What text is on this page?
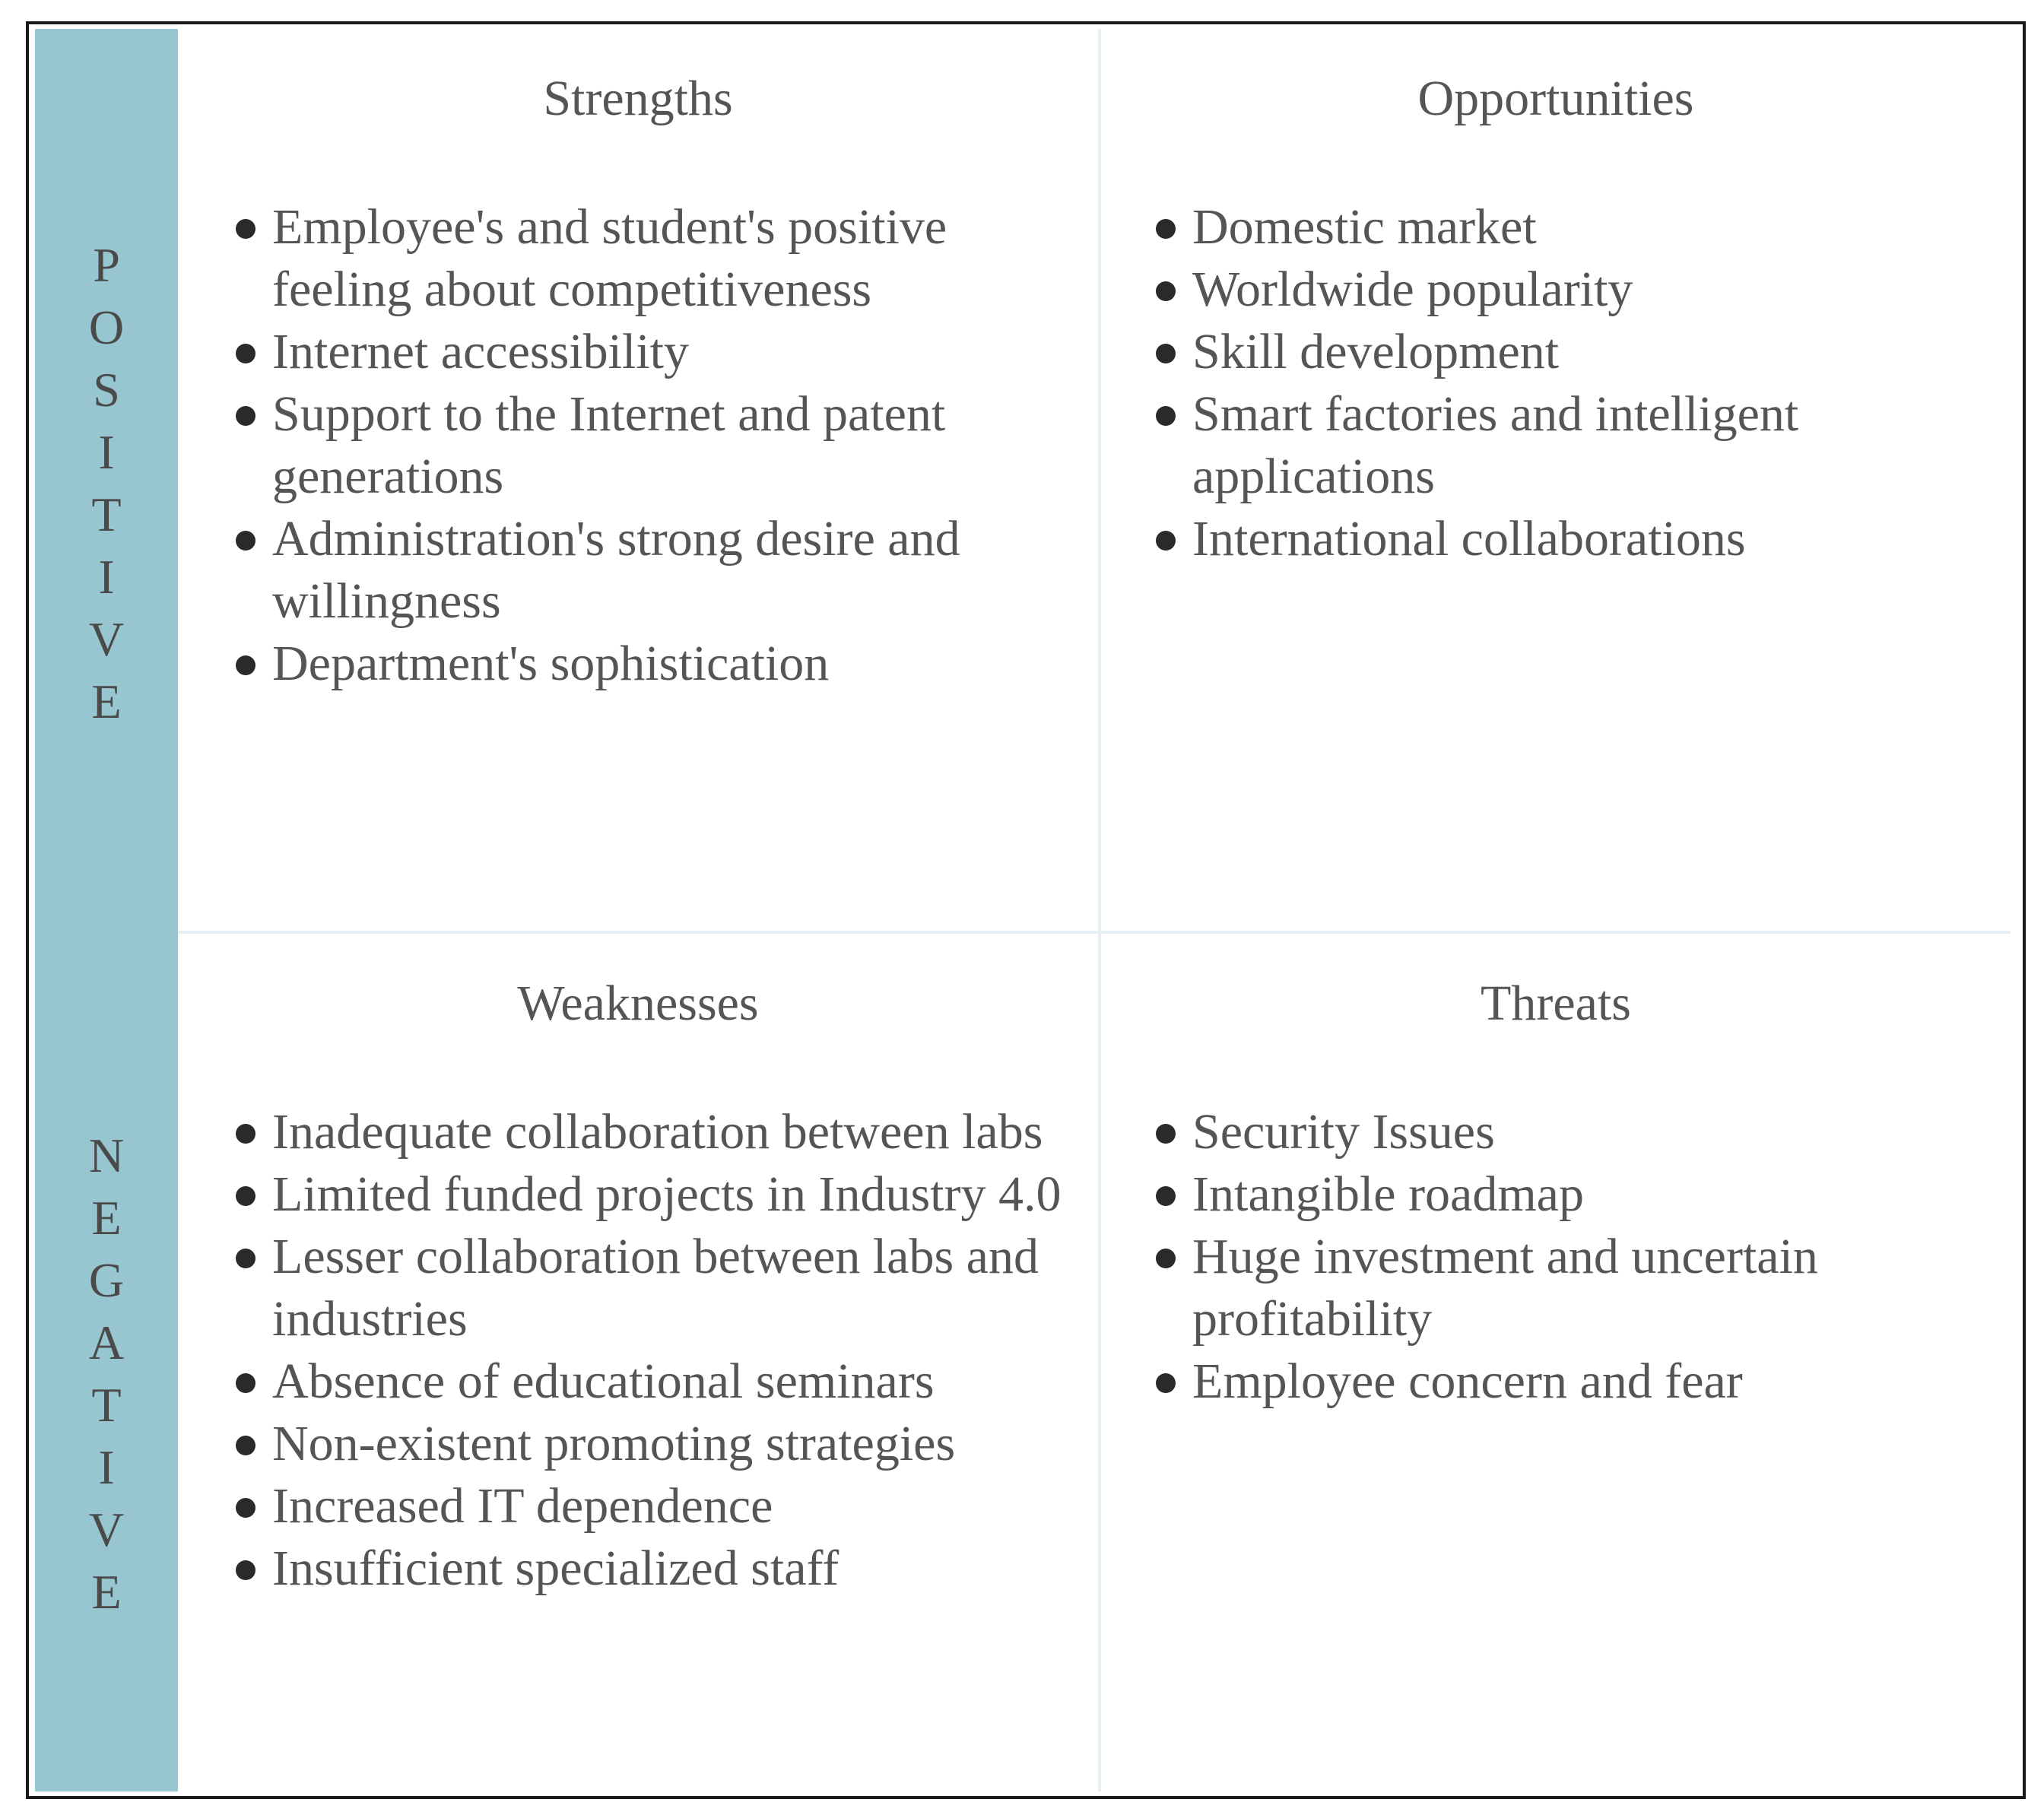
P
O
S
I
T
I
V
E
N
E
G
A
T
I
V
E
Strengths
Employee's and student's positive feeling about competitiveness
Internet accessibility
Support to the Internet and patent generations
Administration's strong desire and willingness
Department's sophistication
Opportunities
Domestic market
Worldwide popularity
Skill development
Smart factories and intelligent applications
International collaborations
Weaknesses
Inadequate collaboration between labs
Limited funded projects in Industry 4.0
Lesser collaboration between labs and industries
Absence of educational seminars
Non-existent promoting strategies
Increased IT dependence
Insufficient specialized staff
Threats
Security Issues
Intangible roadmap
Huge investment and uncertain profitability
Employee concern and fear
